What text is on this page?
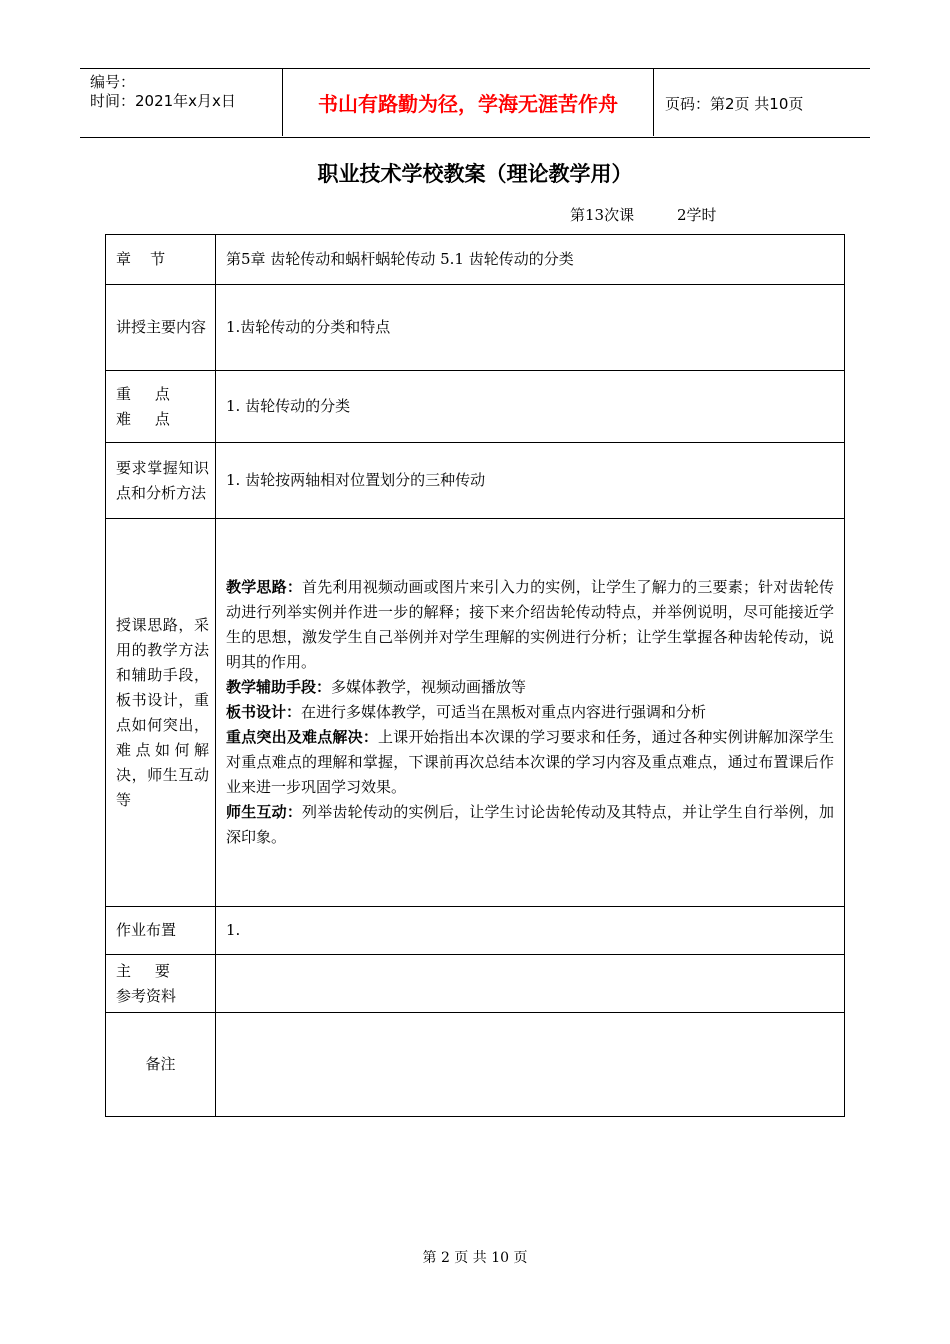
编号：
时间：2021年x月x日	书山有路勤为径，学海无涯苦作舟	页码：第2页 共10页
职业技术学校教案（理论教学用）
第13次课         2学时
章    节	第5章 齿轮传动和蜗杆蜗轮传动 5.1 齿轮传动的分类
讲授主要内容	1.齿轮传动的分类和特点

重     点
难     点	1. 齿轮传动的分类
要求掌握知识点和分析方法	1. 齿轮按两轴相对位置划分的三种传动
授课思路，采用的教学方法和辅助手段，板书设计，重点如何突出，难点如何解决，师生互动等	教学思路：首先利用视频动画或图片来引入力的实例，让学生了解力的三要素；针对齿轮传动进行列举实例并作进一步的解释；接下来介绍齿轮传动特点，并举例说明，尽可能接近学生的思想，激发学生自己举例并对学生理解的实例进行分析；让学生掌握各种齿轮传动，说明其的作用。

教学辅助手段：多媒体教学，视频动画播放等

板书设计：在进行多媒体教学，可适当在黑板对重点内容进行强调和分析

重点突出及难点解决：上课开始指出本次课的学习要求和任务，通过各种实例讲解加深学生对重点难点的理解和掌握，下课前再次总结本次课的学习内容及重点难点，通过布置课后作业来进一步巩固学习效果。

师生互动：列举齿轮传动的实例后，让学生讨论齿轮传动及其特点，并让学生自行举例，加深印象。

作业布置	1.

主     要
参考资料	

备注	
第 2 页 共 10 页
